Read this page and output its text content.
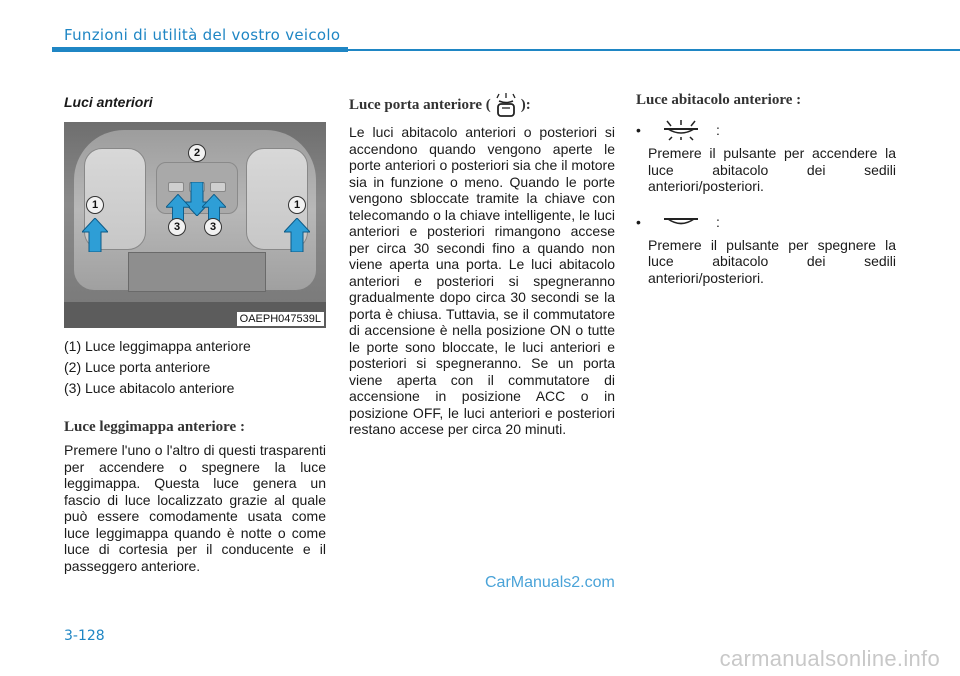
Funzioni di utilità del vostro veicolo
Luci anteriori
1
2
3	3
1
OAEPH047539L
(1) Luce leggimappa anteriore
(2) Luce porta anteriore
(3) Luce abitacolo anteriore
Luce leggimappa anteriore :

Premere l'uno o l'altro di questi trasparenti per accendere o spegnere la luce leggimappa. Questa luce genera un fascio di luce localizzato grazie al quale può essere comodamente usata come luce leggimappa quando è notte o come luce di cortesia per il conducente e il passeggero anteriore.

Luce porta anteriore ( ):

Le luci abitacolo anteriori o posteriori si accendono quando vengono aperte le porte anteriori o posteriori sia che il motore sia in funzione o meno. Quando le porte vengono sbloccate tramite la chiave con telecomando o la chiave intelligente, le luci anteriori e posteriori rimangono accese per circa 30 secondi fino a quando non viene aperta una porta. Le luci abitacolo anteriori e posteriori si spegneranno gradualmente dopo circa 30 secondi se la porta è chiusa. Tuttavia, se il commutatore di accensione è nella posizione ON o tutte le porte sono bloccate, le luci anteriori e posteriori si spegneranno. Se un porta viene aperta con il commutatore di accensione in posizione ACC o in posizione OFF, le luci anteriori e posteriori restano accese per circa 20 minuti.

Luce abitacolo anteriore :
•	:
Premere il pulsante per accendere la luce abitacolo dei sedili anteriori/posteriori.
•	:
Premere il pulsante per spegnere la luce abitacolo dei sedili anteriori/posteriori.
CarManuals2.com
3-128
carmanualsonline.info
